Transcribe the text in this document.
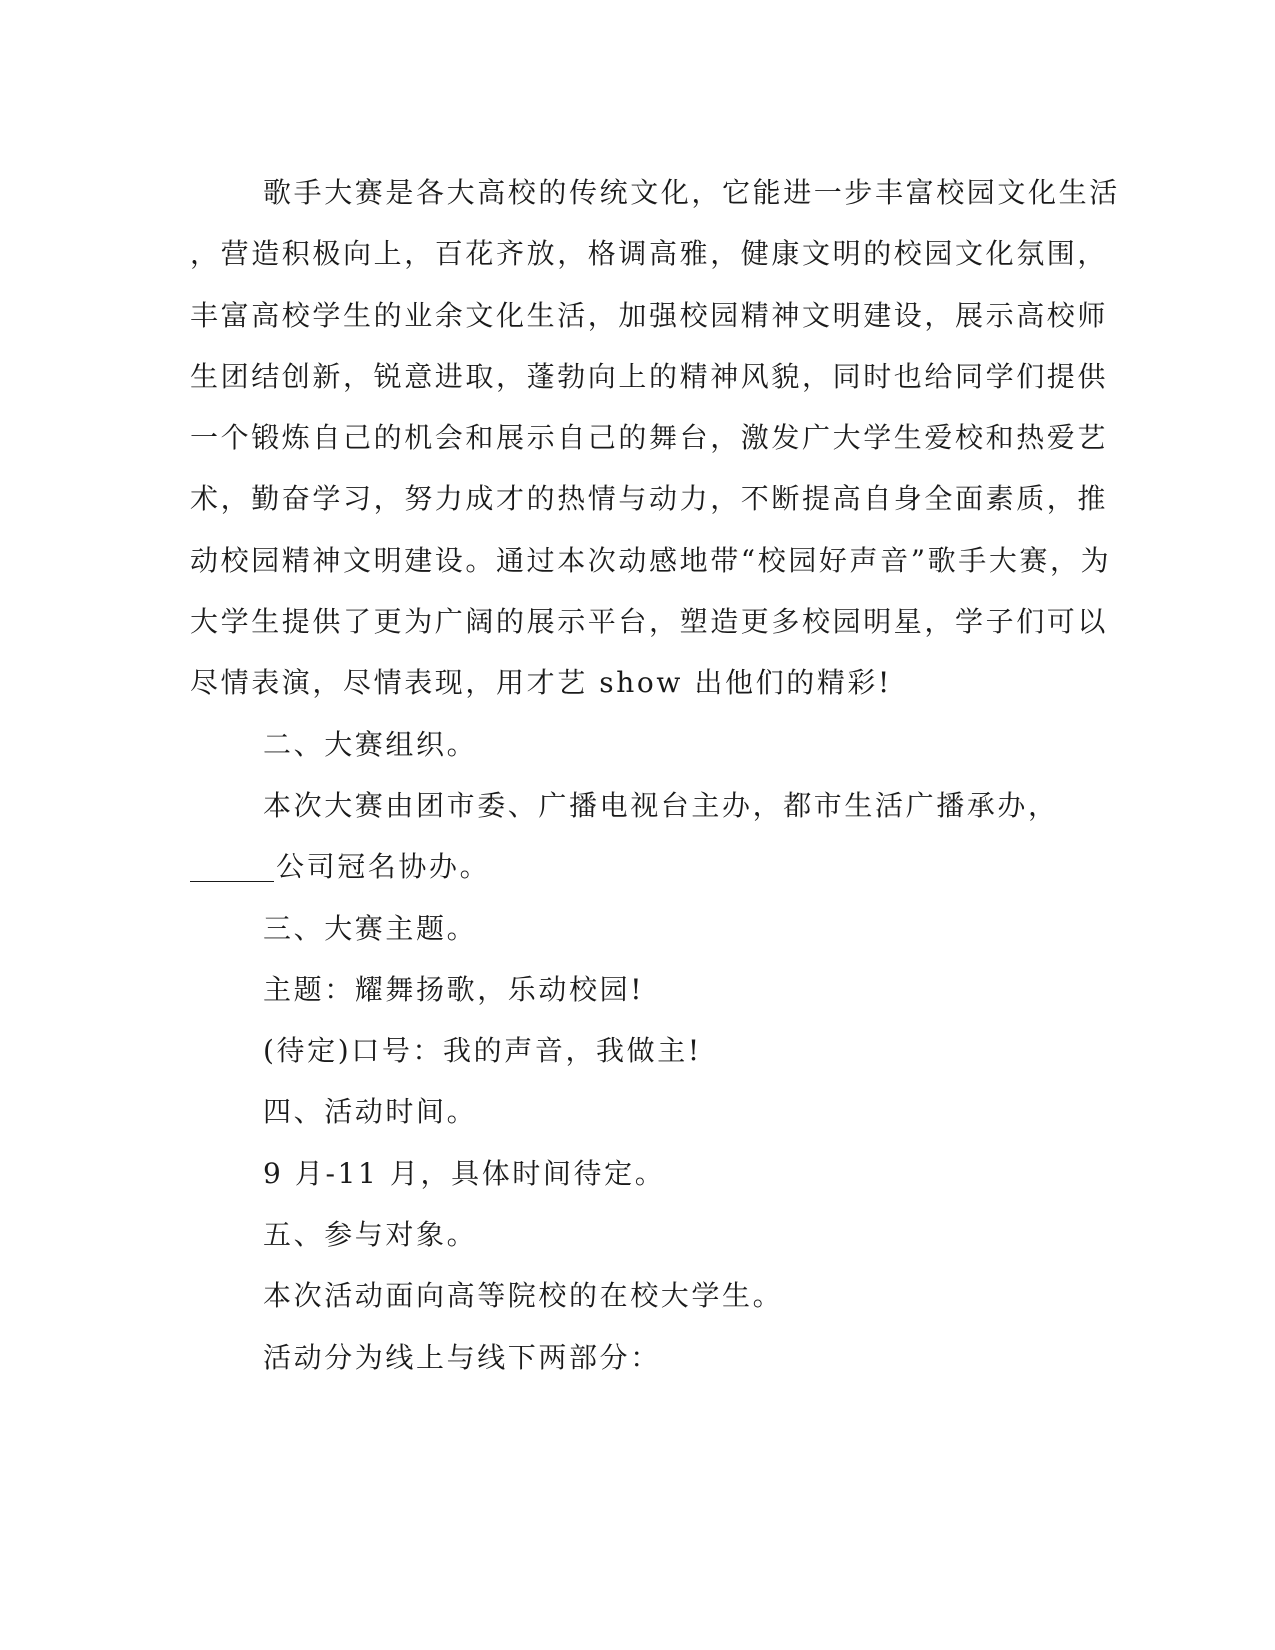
歌手大赛是各大高校的传统文化，它能进一步丰富校园文化生活
，营造积极向上，百花齐放，格调高雅，健康文明的校园文化氛围，
丰富高校学生的业余文化生活，加强校园精神文明建设，展示高校师
生团结创新，锐意进取，蓬勃向上的精神风貌，同时也给同学们提供
一个锻炼自己的机会和展示自己的舞台，激发广大学生爱校和热爱艺
术，勤奋学习，努力成才的热情与动力，不断提高自身全面素质，推
动校园精神文明建设。通过本次动感地带“校园好声音”歌手大赛，为
大学生提供了更为广阔的展示平台，塑造更多校园明星，学子们可以
尽情表演，尽情表现，用才艺 show 出他们的精彩!
二、大赛组织。
本次大赛由团市委、广播电视台主办，都市生活广播承办，
公司冠名协办。
三、大赛主题。
主题：耀舞扬歌，乐动校园!
(待定)口号：我的声音，我做主!
四、活动时间。
9 月-11 月，具体时间待定。
五、参与对象。
本次活动面向高等院校的在校大学生。
活动分为线上与线下两部分：
